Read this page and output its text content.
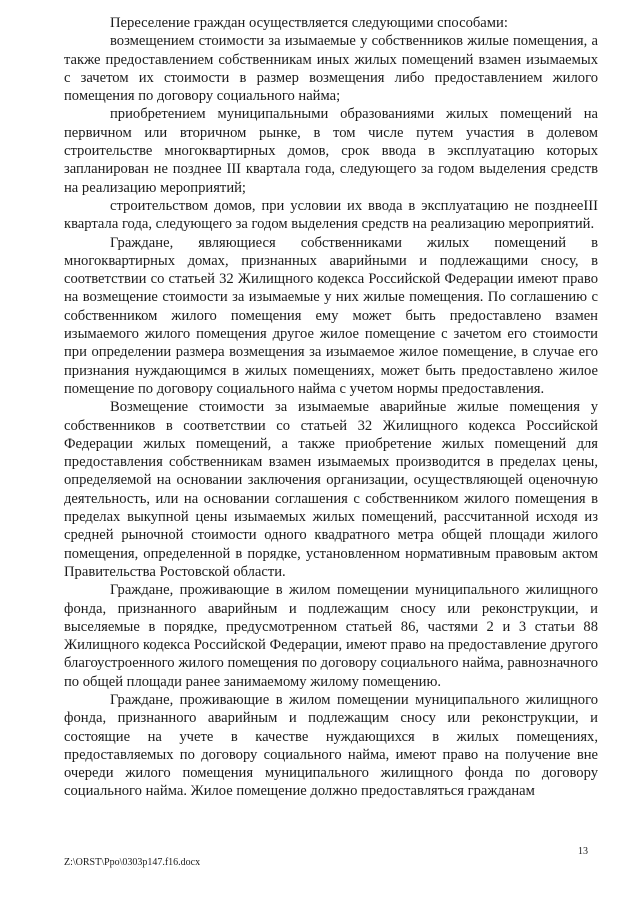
Переселение граждан осуществляется следующими способами:

возмещением стоимости за изымаемые у собственников жилые помещения, а также предоставлением собственникам иных жилых помещений взамен изымаемых с зачетом их стоимости в размер возмещения либо предоставлением жилого помещения по договору социального найма;

приобретением муниципальными образованиями жилых помещений на первичном или вторичном рынке, в том числе путем участия в долевом строительстве многоквартирных домов, срок ввода в эксплуатацию которых запланирован не позднее III квартала года, следующего за годом выделения средств на реализацию мероприятий;

строительством домов, при условии их ввода в эксплуатацию не позднееIII квартала года, следующего за годом выделения средств на реализацию мероприятий.

Граждане, являющиеся собственниками жилых помещений в многоквартирных домах, признанных аварийными и подлежащими сносу, в соответствии со статьей 32 Жилищного кодекса Российской Федерации имеют право на возмещение стоимости за изымаемые у них жилые помещения. По соглашению с собственником жилого помещения ему может быть предоставлено взамен изымаемого жилого помещения другое жилое помещение с зачетом его стоимости при определении размера возмещения за изымаемое жилое помещение, в случае его признания нуждающимся в жилых помещениях, может быть предоставлено жилое помещение по договору социального найма с учетом нормы предоставления.

Возмещение стоимости за изымаемые аварийные жилые помещения у собственников в соответствии со статьей 32 Жилищного кодекса Российской Федерации жилых помещений, а также приобретение жилых помещений для предоставления собственникам взамен изымаемых производится в пределах цены, определяемой на основании заключения организации, осуществляющей оценочную деятельность, или на основании соглашения с собственником жилого помещения в пределах выкупной цены изымаемых жилых помещений, рассчитанной исходя из средней рыночной стоимости одного квадратного метра общей площади жилого помещения, определенной в порядке, установленном нормативным правовым актом Правительства Ростовской области.

Граждане, проживающие в жилом помещении муниципального жилищного фонда, признанного аварийным и подлежащим сносу или реконструкции, и выселяемые в порядке, предусмотренном статьей 86, частями 2 и 3 статьи 88 Жилищного кодекса Российской Федерации, имеют право на предоставление другого благоустроенного жилого помещения по договору социального найма, равнозначного по общей площади ранее занимаемому жилому помещению.

Граждане, проживающие в жилом помещении муниципального жилищного фонда, признанного аварийным и подлежащим сносу или реконструкции, и состоящие на учете в качестве нуждающихся в жилых помещениях, предоставляемых по договору социального найма, имеют право на получение вне очереди жилого помещения муниципального жилищного фонда по договору социального найма. Жилое помещение должно предоставляться гражданам

13
Z:\ORST\Ppo\0303p147.f16.docx
